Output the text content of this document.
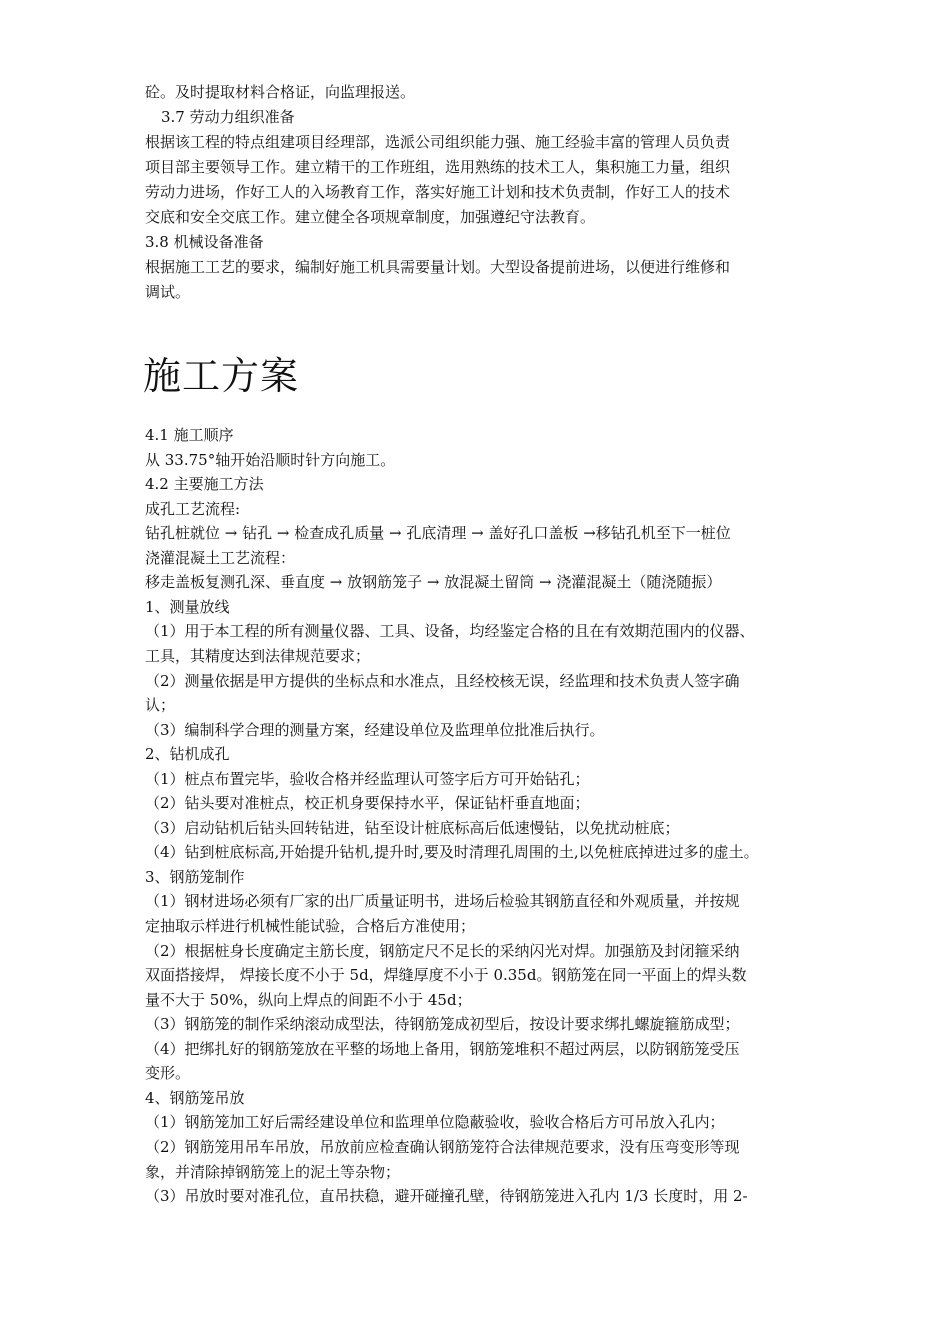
砼。及时提取材料合格证，向监理报送。
3.7 劳动力组织准备
根据该工程的特点组建项目经理部，选派公司组织能力强、施工经验丰富的管理人员负责
项目部主要领导工作。建立精干的工作班组，选用熟练的技术工人，集积施工力量，组织
劳动力进场，作好工人的入场教育工作，落实好施工计划和技术负责制，作好工人的技术
交底和安全交底工作。建立健全各项规章制度，加强遵纪守法教育。
3.8 机械设备准备
根据施工工艺的要求，编制好施工机具需要量计划。大型设备提前进场，以便进行维修和
调试。
施工方案
4.1 施工顺序
从 33.75°轴开始沿顺时针方向施工。
4.2 主要施工方法
成孔工艺流程:
钻孔桩就位 → 钻孔 → 检查成孔质量 → 孔底清理 → 盖好孔口盖板 →移钻孔机至下一桩位
浇灌混凝土工艺流程：
移走盖板复测孔深、垂直度 → 放钢筋笼子 → 放混凝土留筒 → 浇灌混凝土（随浇随振）
1、测量放线
（1）用于本工程的所有测量仪器、工具、设备，均经鉴定合格的且在有效期范围内的仪器、
工具，其精度达到法律规范要求；
（2）测量依据是甲方提供的坐标点和水准点，且经校核无误，经监理和技术负责人签字确
认；
（3）编制科学合理的测量方案，经建设单位及监理单位批准后执行。
2、钻机成孔
（1）桩点布置完毕，验收合格并经监理认可签字后方可开始钻孔；
（2）钻头要对准桩点，校正机身要保持水平，保证钻杆垂直地面；
（3）启动钻机后钻头回转钻进，钻至设计桩底标高后低速慢钻，以免扰动桩底；
（4）钻到桩底标高,开始提升钻机,提升时,要及时清理孔周围的土,以免桩底掉进过多的虚土。
3、钢筋笼制作
（1）钢材进场必须有厂家的出厂质量证明书，进场后检验其钢筋直径和外观质量，并按规
定抽取示样进行机械性能试验，合格后方准使用；
（2）根据桩身长度确定主筋长度，钢筋定尺不足长的采纳闪光对焊。加强筋及封闭箍采纳
双面搭接焊， 焊接长度不小于 5d，焊缝厚度不小于 0.35d。钢筋笼在同一平面上的焊头数
量不大于 50%，纵向上焊点的间距不小于 45d；
（3）钢筋笼的制作采纳滚动成型法，待钢筋笼成初型后，按设计要求绑扎螺旋箍筋成型；
（4）把绑扎好的钢筋笼放在平整的场地上备用，钢筋笼堆积不超过两层，以防钢筋笼受压
变形。
4、钢筋笼吊放
（1）钢筋笼加工好后需经建设单位和监理单位隐蔽验收，验收合格后方可吊放入孔内；
（2）钢筋笼用吊车吊放，吊放前应检查确认钢筋笼符合法律规范要求，没有压弯变形等现
象，并清除掉钢筋笼上的泥土等杂物；
（3）吊放时要对准孔位，直吊扶稳，避开碰撞孔壁，待钢筋笼进入孔内 1/3 长度时，用 2-
